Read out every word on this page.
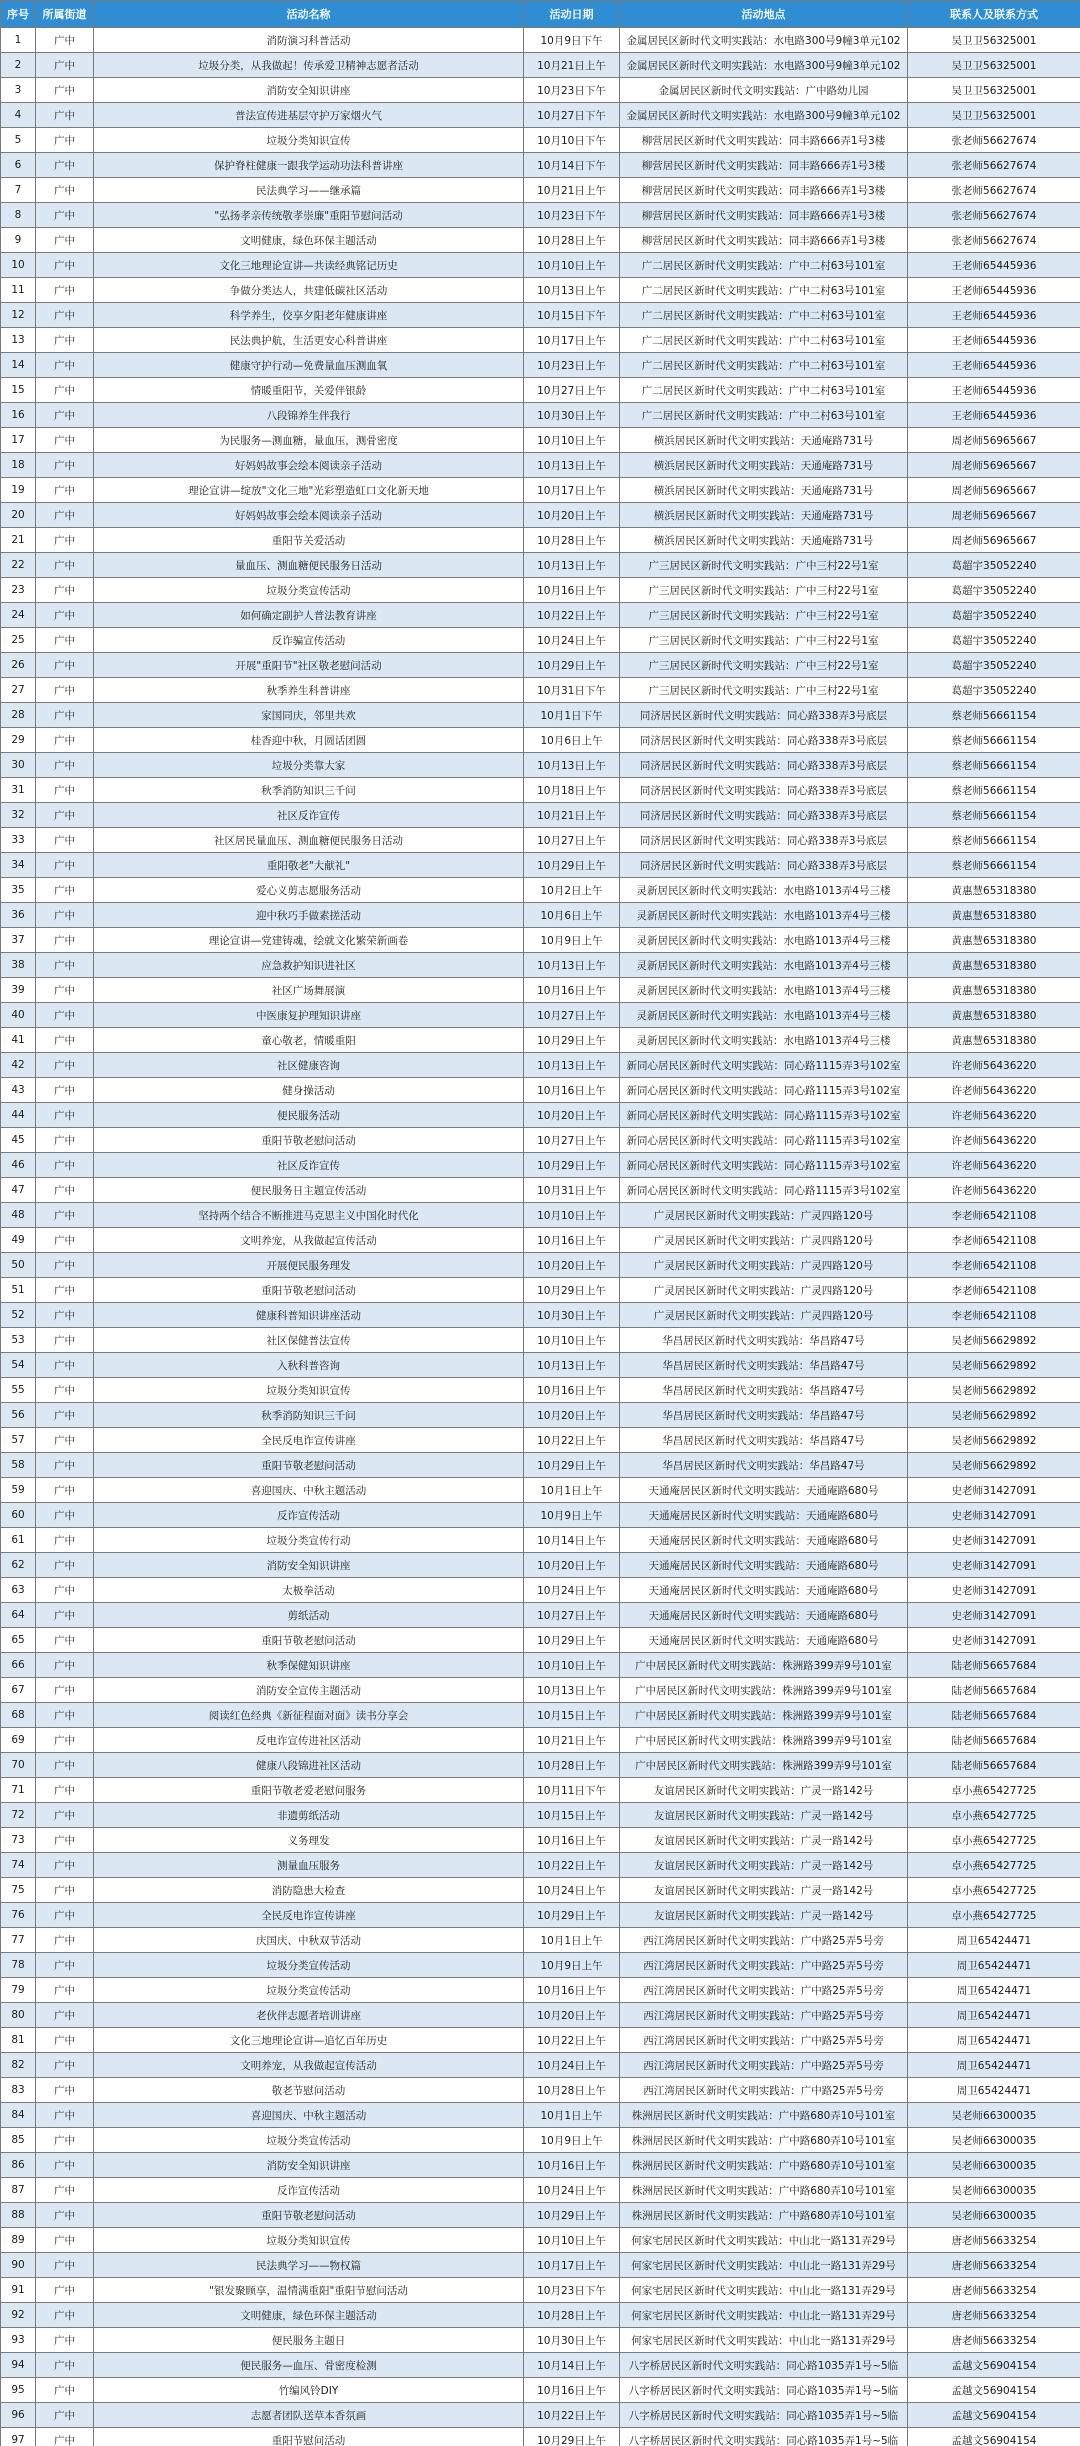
序号	所属街道	活动名称	活动日期	活动地点	联系人及联系方式
1	广中	消防演习科普活动	10月9日下午	金属居民区新时代文明实践站：水电路300号9幢3单元102	吴卫卫56325001
2	广中	垃圾分类，从我做起！传承爱卫精神志愿者活动	10月21日上午	金属居民区新时代文明实践站：水电路300号9幢3单元102	吴卫卫56325001
3	广中	消防安全知识讲座	10月23日下午	金属居民区新时代文明实践站：广中路幼儿园	吴卫卫56325001
4	广中	普法宣传进基层守护万家烟火气	10月27日下午	金属居民区新时代文明实践站：水电路300号9幢3单元102	吴卫卫56325001
5	广中	垃圾分类知识宣传	10月10日下午	柳营居民区新时代文明实践站：同丰路666弄1号3楼	张老师56627674
6	广中	保护脊柱健康一跟我学运动功法科普讲座	10月14日下午	柳营居民区新时代文明实践站：同丰路666弄1号3楼	张老师56627674
7	广中	民法典学习——继承篇	10月21日上午	柳营居民区新时代文明实践站：同丰路666弄1号3楼	张老师56627674
8	广中	"弘扬孝亲传统敬孝崇廉"重阳节慰问活动	10月23日下午	柳营居民区新时代文明实践站：同丰路666弄1号3楼	张老师56627674
9	广中	文明健康，绿色环保主题活动	10月28日上午	柳营居民区新时代文明实践站：同丰路666弄1号3楼	张老师56627674
10	广中	文化三地理论宣讲—共读经典铭记历史	10月10日上午	广二居民区新时代文明实践站：广中二村63号101室	王老师65445936
11	广中	争做分类达人，共建低碳社区活动	10月13日上午	广二居民区新时代文明实践站：广中二村63号101室	王老师65445936
12	广中	科学养生，佼享夕阳老年健康讲座	10月15日下午	广二居民区新时代文明实践站：广中二村63号101室	王老师65445936
13	广中	民法典护航，生活更安心科普讲座	10月17日上午	广二居民区新时代文明实践站：广中二村63号101室	王老师65445936
14	广中	健康守护行动—免费量血压测血氧	10月23日上午	广二居民区新时代文明实践站：广中二村63号101室	王老师65445936
15	广中	情暖重阳节，关爱伴银龄	10月27日上午	广二居民区新时代文明实践站：广中二村63号101室	王老师65445936
16	广中	八段锦养生伴我行	10月30日上午	广二居民区新时代文明实践站：广中二村63号101室	王老师65445936
17	广中	为民服务—测血糖，量血压，测骨密度	10月10日上午	横浜居民区新时代文明实践站：天通庵路731号	周老师56965667
18	广中	好妈妈故事会绘本阅读亲子活动	10月13日上午	横浜居民区新时代文明实践站：天通庵路731号	周老师56965667
19	广中	理论宣讲—绽放"文化三地"光彩塑造虹口文化新天地	10月17日上午	横浜居民区新时代文明实践站：天通庵路731号	周老师56965667
20	广中	好妈妈故事会绘本阅读亲子活动	10月20日上午	横浜居民区新时代文明实践站：天通庵路731号	周老师56965667
21	广中	重阳节关爱活动	10月28日上午	横浜居民区新时代文明实践站：天通庵路731号	周老师56965667
22	广中	量血压、测血糖便民服务日活动	10月13日上午	广三居民区新时代文明实践站：广中三村22号1室	葛超宇35052240
23	广中	垃圾分类宣传活动	10月16日上午	广三居民区新时代文明实践站：广中三村22号1室	葛超宇35052240
24	广中	如何确定副护人普法教育讲座	10月22日上午	广三居民区新时代文明实践站：广中三村22号1室	葛超宇35052240
25	广中	反诈骗宣传活动	10月24日上午	广三居民区新时代文明实践站：广中三村22号1室	葛超宇35052240
26	广中	开展"重阳节"社区敬老慰问活动	10月29日上午	广三居民区新时代文明实践站：广中三村22号1室	葛超宇35052240
27	广中	秋季养生科普讲座	10月31日下午	广三居民区新时代文明实践站：广中三村22号1室	葛超宇35052240
28	广中	家国同庆，邻里共欢	10月1日下午	同济居民区新时代文明实践站：同心路338弄3号底层	蔡老师56661154
29	广中	桂香迎中秋，月圆话团圆	10月6日上午	同济居民区新时代文明实践站：同心路338弄3号底层	蔡老师56661154
30	广中	垃圾分类靠大家	10月13日上午	同济居民区新时代文明实践站：同心路338弄3号底层	蔡老师56661154
31	广中	秋季消防知识三千问	10月18日上午	同济居民区新时代文明实践站：同心路338弄3号底层	蔡老师56661154
32	广中	社区反诈宣传	10月21日上午	同济居民区新时代文明实践站：同心路338弄3号底层	蔡老师56661154
33	广中	社区居民量血压、测血糖便民服务日活动	10月27日上午	同济居民区新时代文明实践站：同心路338弄3号底层	蔡老师56661154
34	广中	重阳敬老"大献礼"	10月29日上午	同济居民区新时代文明实践站：同心路338弄3号底层	蔡老师56661154
35	广中	爱心义剪志愿服务活动	10月2日上午	灵新居民区新时代文明实践站：水电路1013弄4号三楼	黄惠慧65318380
36	广中	迎中秋巧手做素搓活动	10月6日上午	灵新居民区新时代文明实践站：水电路1013弄4号三楼	黄惠慧65318380
37	广中	理论宣讲—党建铸魂，绘就文化繁荣新画卷	10月9日上午	灵新居民区新时代文明实践站：水电路1013弄4号三楼	黄惠慧65318380
38	广中	应急救护知识进社区	10月13日上午	灵新居民区新时代文明实践站：水电路1013弄4号三楼	黄惠慧65318380
39	广中	社区广场舞展演	10月16日上午	灵新居民区新时代文明实践站：水电路1013弄4号三楼	黄惠慧65318380
40	广中	中医康复护理知识讲座	10月27日上午	灵新居民区新时代文明实践站：水电路1013弄4号三楼	黄惠慧65318380
41	广中	童心敬老，情暖重阳	10月29日上午	灵新居民区新时代文明实践站：水电路1013弄4号三楼	黄惠慧65318380
42	广中	社区健康咨询	10月13日上午	新同心居民区新时代文明实践站：同心路1115弄3号102室	许老师56436220
43	广中	健身操活动	10月16日上午	新同心居民区新时代文明实践站：同心路1115弄3号102室	许老师56436220
44	广中	便民服务活动	10月20日上午	新同心居民区新时代文明实践站：同心路1115弄3号102室	许老师56436220
45	广中	重阳节敬老慰问活动	10月27日上午	新同心居民区新时代文明实践站：同心路1115弄3号102室	许老师56436220
46	广中	社区反诈宣传	10月29日上午	新同心居民区新时代文明实践站：同心路1115弄3号102室	许老师56436220
47	广中	便民服务日主题宣传活动	10月31日上午	新同心居民区新时代文明实践站：同心路1115弄3号102室	许老师56436220
48	广中	坚持两个结合不断推进马克思主义中国化时代化	10月10日上午	广灵居民区新时代文明实践站：广灵四路120号	李老师65421108
49	广中	文明养宠，从我做起宣传活动	10月16日上午	广灵居民区新时代文明实践站：广灵四路120号	李老师65421108
50	广中	开展便民服务理发	10月20日上午	广灵居民区新时代文明实践站：广灵四路120号	李老师65421108
51	广中	重阳节敬老慰问活动	10月29日上午	广灵居民区新时代文明实践站：广灵四路120号	李老师65421108
52	广中	健康科普知识讲座活动	10月30日上午	广灵居民区新时代文明实践站：广灵四路120号	李老师65421108
53	广中	社区保健普法宣传	10月10日上午	华昌居民区新时代文明实践站：华昌路47号	吴老师56629892
54	广中	入秋科普咨询	10月13日上午	华昌居民区新时代文明实践站：华昌路47号	吴老师56629892
55	广中	垃圾分类知识宣传	10月16日上午	华昌居民区新时代文明实践站：华昌路47号	吴老师56629892
56	广中	秋季消防知识三千问	10月20日上午	华昌居民区新时代文明实践站：华昌路47号	吴老师56629892
57	广中	全民反电诈宣传讲座	10月22日上午	华昌居民区新时代文明实践站：华昌路47号	吴老师56629892
58	广中	重阳节敬老慰问活动	10月29日上午	华昌居民区新时代文明实践站：华昌路47号	吴老师56629892
59	广中	喜迎国庆、中秋主题活动	10月1日上午	天通庵居民区新时代文明实践站：天通庵路680号	史老师31427091
60	广中	反诈宣传活动	10月9日上午	天通庵居民区新时代文明实践站：天通庵路680号	史老师31427091
61	广中	垃圾分类宣传行动	10月14日上午	天通庵居民区新时代文明实践站：天通庵路680号	史老师31427091
62	广中	消防安全知识讲座	10月20日上午	天通庵居民区新时代文明实践站：天通庵路680号	史老师31427091
63	广中	太极拳活动	10月24日上午	天通庵居民区新时代文明实践站：天通庵路680号	史老师31427091
64	广中	剪纸活动	10月27日上午	天通庵居民区新时代文明实践站：天通庵路680号	史老师31427091
65	广中	重阳节敬老慰问活动	10月29日上午	天通庵居民区新时代文明实践站：天通庵路680号	史老师31427091
66	广中	秋季保健知识讲座	10月10日上午	广中居民区新时代文明实践站：株洲路399弄9号101室	陆老师56657684
67	广中	消防安全宣传主题活动	10月13日上午	广中居民区新时代文明实践站：株洲路399弄9号101室	陆老师56657684
68	广中	阅读红色经典《新征程面对面》读书分享会	10月15日上午	广中居民区新时代文明实践站：株洲路399弄9号101室	陆老师56657684
69	广中	反电诈宣传进社区活动	10月21日上午	广中居民区新时代文明实践站：株洲路399弄9号101室	陆老师56657684
70	广中	健康八段锦进社区活动	10月28日上午	广中居民区新时代文明实践站：株洲路399弄9号101室	陆老师56657684
71	广中	重阳节敬老爱老慰问服务	10月11日下午	友谊居民区新时代文明实践站：广灵一路142号	卓小燕65427725
72	广中	非遗剪纸活动	10月15日上午	友谊居民区新时代文明实践站：广灵一路142号	卓小燕65427725
73	广中	义务理发	10月16日上午	友谊居民区新时代文明实践站：广灵一路142号	卓小燕65427725
74	广中	测量血压服务	10月22日上午	友谊居民区新时代文明实践站：广灵一路142号	卓小燕65427725
75	广中	消防隐患大检查	10月24日上午	友谊居民区新时代文明实践站：广灵一路142号	卓小燕65427725
76	广中	全民反电诈宣传讲座	10月29日上午	友谊居民区新时代文明实践站：广灵一路142号	卓小燕65427725
77	广中	庆国庆、中秋双节活动	10月1日上午	西江湾居民区新时代文明实践站：广中路25弄5号旁	周卫65424471
78	广中	垃圾分类宣传活动	10月9日上午	西江湾居民区新时代文明实践站：广中路25弄5号旁	周卫65424471
79	广中	垃圾分类宣传活动	10月16日上午	西江湾居民区新时代文明实践站：广中路25弄5号旁	周卫65424471
80	广中	老伙伴志愿者培训讲座	10月20日上午	西江湾居民区新时代文明实践站：广中路25弄5号旁	周卫65424471
81	广中	文化三地理论宣讲—追忆百年历史	10月22日上午	西江湾居民区新时代文明实践站：广中路25弄5号旁	周卫65424471
82	广中	文明养宠，从我做起宣传活动	10月24日上午	西江湾居民区新时代文明实践站：广中路25弄5号旁	周卫65424471
83	广中	敬老节慰问活动	10月28日上午	西江湾居民区新时代文明实践站：广中路25弄5号旁	周卫65424471
84	广中	喜迎国庆、中秋主题活动	10月1日上午	株洲居民区新时代文明实践站：广中路680弄10号101室	吴老师66300035
85	广中	垃圾分类宣传活动	10月9日上午	株洲居民区新时代文明实践站：广中路680弄10号101室	吴老师66300035
86	广中	消防安全知识讲座	10月16日上午	株洲居民区新时代文明实践站：广中路680弄10号101室	吴老师66300035
87	广中	反诈宣传活动	10月24日上午	株洲居民区新时代文明实践站：广中路680弄10号101室	吴老师66300035
88	广中	重阳节敬老慰问活动	10月29日上午	株洲居民区新时代文明实践站：广中路680弄10号101室	吴老师66300035
89	广中	垃圾分类知识宣传	10月10日上午	何家宅居民区新时代文明实践站：中山北一路131弄29号	唐老师56633254
90	广中	民法典学习——物权篇	10月17日上午	何家宅居民区新时代文明实践站：中山北一路131弄29号	唐老师56633254
91	广中	"银发聚顾享，温情满重阳"重阳节慰问活动	10月23日下午	何家宅居民区新时代文明实践站：中山北一路131弄29号	唐老师56633254
92	广中	文明健康，绿色环保主题活动	10月28日上午	何家宅居民区新时代文明实践站：中山北一路131弄29号	唐老师56633254
93	广中	便民服务主题日	10月30日上午	何家宅居民区新时代文明实践站：中山北一路131弄29号	唐老师56633254
94	广中	便民服务—血压、骨密度检测	10月14日上午	八字桥居民区新时代文明实践站：同心路1035弄1号~5临	孟越文56904154
95	广中	竹编风铃DIY	10月16日上午	八字桥居民区新时代文明实践站：同心路1035弄1号~5临	孟越文56904154
96	广中	志愿者团队送草本香氛画	10月22日上午	八字桥居民区新时代文明实践站：同心路1035弄1号~5临	孟越文56904154
97	广中	重阳节慰问活动	10月29日上午	八字桥居民区新时代文明实践站：同心路1035弄1号~5临	孟越文56904154
